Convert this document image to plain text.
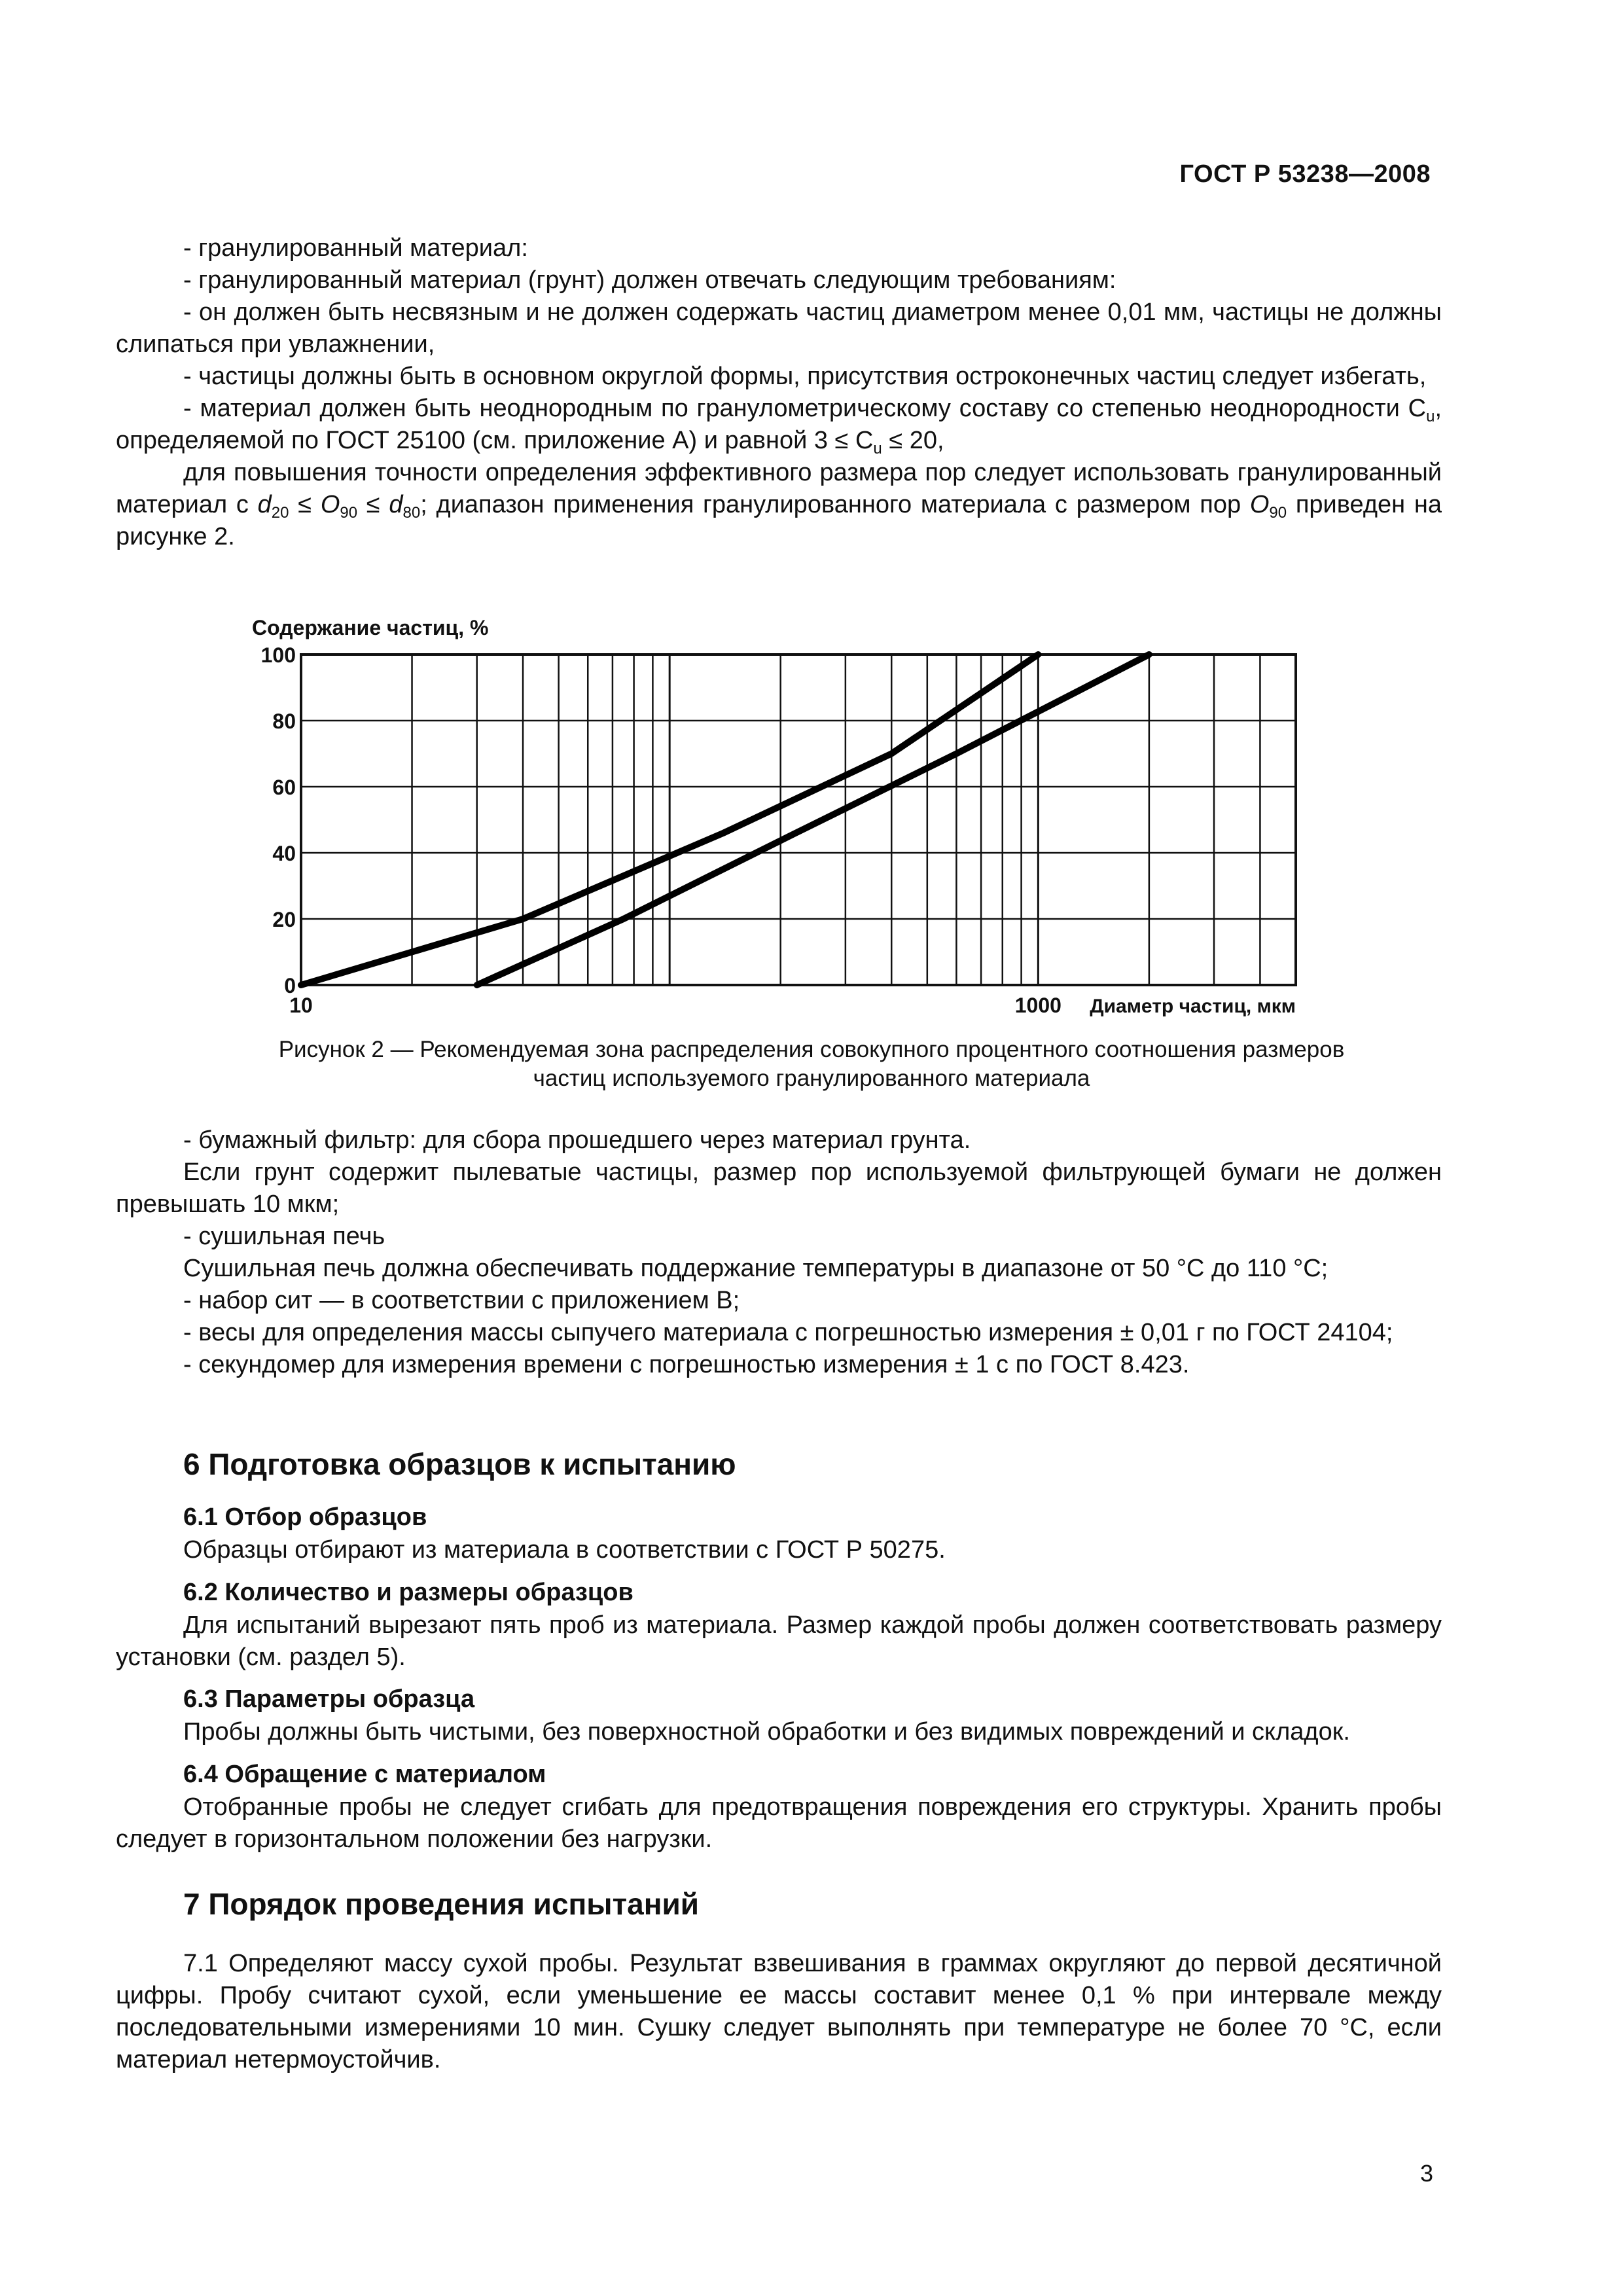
ГОСТ Р 53238—2008

- гранулированный материал:

- гранулированный материал (грунт) должен отвечать следующим требованиям:

- он должен быть несвязным и не должен содержать частиц диаметром менее 0,01 мм, частицы не должны слипаться при увлажнении,

- частицы должны быть в основном округлой формы, присутствия остроконечных частиц следует избегать,

- материал должен быть неоднородным по гранулометрическому составу со степенью неоднородности $C_u$, определяемой по ГОСТ 25100 (см. приложение А) и равной $3 \le C_u \le 20$,

для повышения точности определения эффективного размера пор следует использовать гранулированный материал с $d_{20} \le O_{90} \le d_{80}$; диапазон применения гранулированного материала с размером пор $O_{90}$ приведен на рисунке 2.

0
20
40
60
80
100
10	1000
Содержание частиц, %
Диаметр частиц, мкм
Рисунок 2 — Рекомендуемая зона распределения совокупного процентного соотношения размеров
частиц используемого гранулированного материала

- бумажный фильтр: для сбора прошедшего через материал грунта.

Если грунт содержит пылеватые частицы, размер пор используемой фильтрующей бумаги не должен превышать 10 мкм;

- сушильная печь

Сушильная печь должна обеспечивать поддержание температуры в диапазоне от 50 °С до 110 °С;

- набор сит — в соответствии с приложением В;

- весы для определения массы сыпучего материала с погрешностью измерения ± 0,01 г по ГОСТ 24104;

- секундомер для измерения времени с погрешностью измерения ± 1 с по ГОСТ 8.423.

6 Подготовка образцов к испытанию
6.1 Отбор образцов

Образцы отбирают из материала в соответствии с ГОСТ Р 50275.

6.2 Количество и размеры образцов

Для испытаний вырезают пять проб из материала. Размер каждой пробы должен соответствовать размеру установки (см. раздел 5).

6.3 Параметры образца

Пробы должны быть чистыми, без поверхностной обработки и без видимых повреждений и складок.

6.4 Обращение с материалом

Отобранные пробы не следует сгибать для предотвращения повреждения его структуры. Хранить пробы следует в горизонтальном положении без нагрузки.

7 Порядок проведения испытаний

7.1 Определяют массу сухой пробы. Результат взвешивания в граммах округляют до первой десятичной цифры. Пробу считают сухой, если уменьшение ее массы составит менее 0,1 % при интервале между последовательными измерениями 10 мин. Сушку следует выполнять при температуре не более 70 °С, если материал нетермоустойчив.

3
